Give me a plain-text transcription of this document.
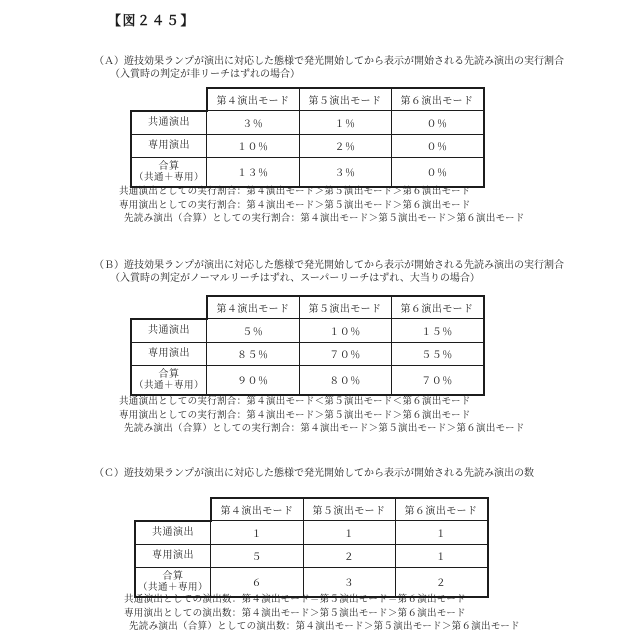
【図２４５】
（Ａ）遊技効果ランプが演出に対応した態様で発光開始してから表示が開始される先読み演出の実行割合
（入賞時の判定が非リーチはずれの場合）
	第４演出モード	第５演出モード	第６演出モード
共通演出	３％	１％	０％
専用演出	１０％	２％	０％

合算
（共通＋専用）	１３％	３％	０％
共通演出としての実行割合：第４演出モード＞第５演出モード＞第６演出モード
専用演出としての実行割合：第４演出モード＞第５演出モード＞第６演出モード
先読み演出（合算）としての実行割合：第４演出モード＞第５演出モード＞第６演出モード
（Ｂ）遊技効果ランプが演出に対応した態様で発光開始してから表示が開始される先読み演出の実行割合
（入賞時の判定がノーマルリーチはずれ、スーパーリーチはずれ、大当りの場合）
	第４演出モード	第５演出モード	第６演出モード
共通演出	５％	１０％	１５％
専用演出	８５％	７０％	５５％

合算
（共通＋専用）	９０％	８０％	７０％
共通演出としての実行割合：第４演出モード＜第５演出モード＜第６演出モード
専用演出としての実行割合：第４演出モード＞第５演出モード＞第６演出モード
先読み演出（合算）としての実行割合：第４演出モード＞第５演出モード＞第６演出モード
（Ｃ）遊技効果ランプが演出に対応した態様で発光開始してから表示が開始される先読み演出の数
	第４演出モード	第５演出モード	第６演出モード
共通演出	１	１	１
専用演出	５	２	１

合算
（共通＋専用）	６	３	２
共通演出としての演出数：第４演出モード＝第５演出モード＝第６演出モード
専用演出としての演出数：第４演出モード＞第５演出モード＞第６演出モード
先読み演出（合算）としての演出数：第４演出モード＞第５演出モード＞第６演出モード
